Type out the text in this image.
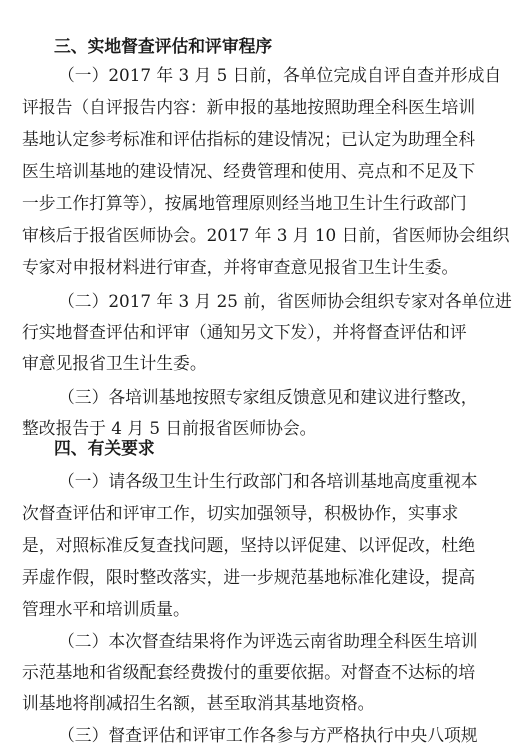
三、实地督查评估和评审程序
（一）2017 年 3 月 5 日前，各单位完成自评自查并形成自
评报告（自评报告内容：新申报的基地按照助理全科医生培训
基地认定参考标准和评估指标的建设情况；已认定为助理全科
医生培训基地的建设情况、经费管理和使用、亮点和不足及下
一步工作打算等），按属地管理原则经当地卫生计生行政部门
审核后于报省医师协会。2017 年 3 月 10 日前，省医师协会组织
专家对申报材料进行审查，并将审查意见报省卫生计生委。
（二）2017 年 3 月 25 前，省医师协会组织专家对各单位进
行实地督查评估和评审（通知另文下发），并将督查评估和评
审意见报省卫生计生委。
（三）各培训基地按照专家组反馈意见和建议进行整改，
整改报告于 4 月 5 日前报省医师协会。
四、有关要求
（一）请各级卫生计生行政部门和各培训基地高度重视本
次督查评估和评审工作，切实加强领导，积极协作，实事求
是，对照标准反复查找问题，坚持以评促建、以评促改，杜绝
弄虚作假，限时整改落实，进一步规范基地标准化建设，提高
管理水平和培训质量。
（二）本次督查结果将作为评选云南省助理全科医生培训
示范基地和省级配套经费拨付的重要依据。对督查不达标的培
训基地将削减招生名额，甚至取消其基地资格。
（三）督查评估和评审工作各参与方严格执行中央八项规
